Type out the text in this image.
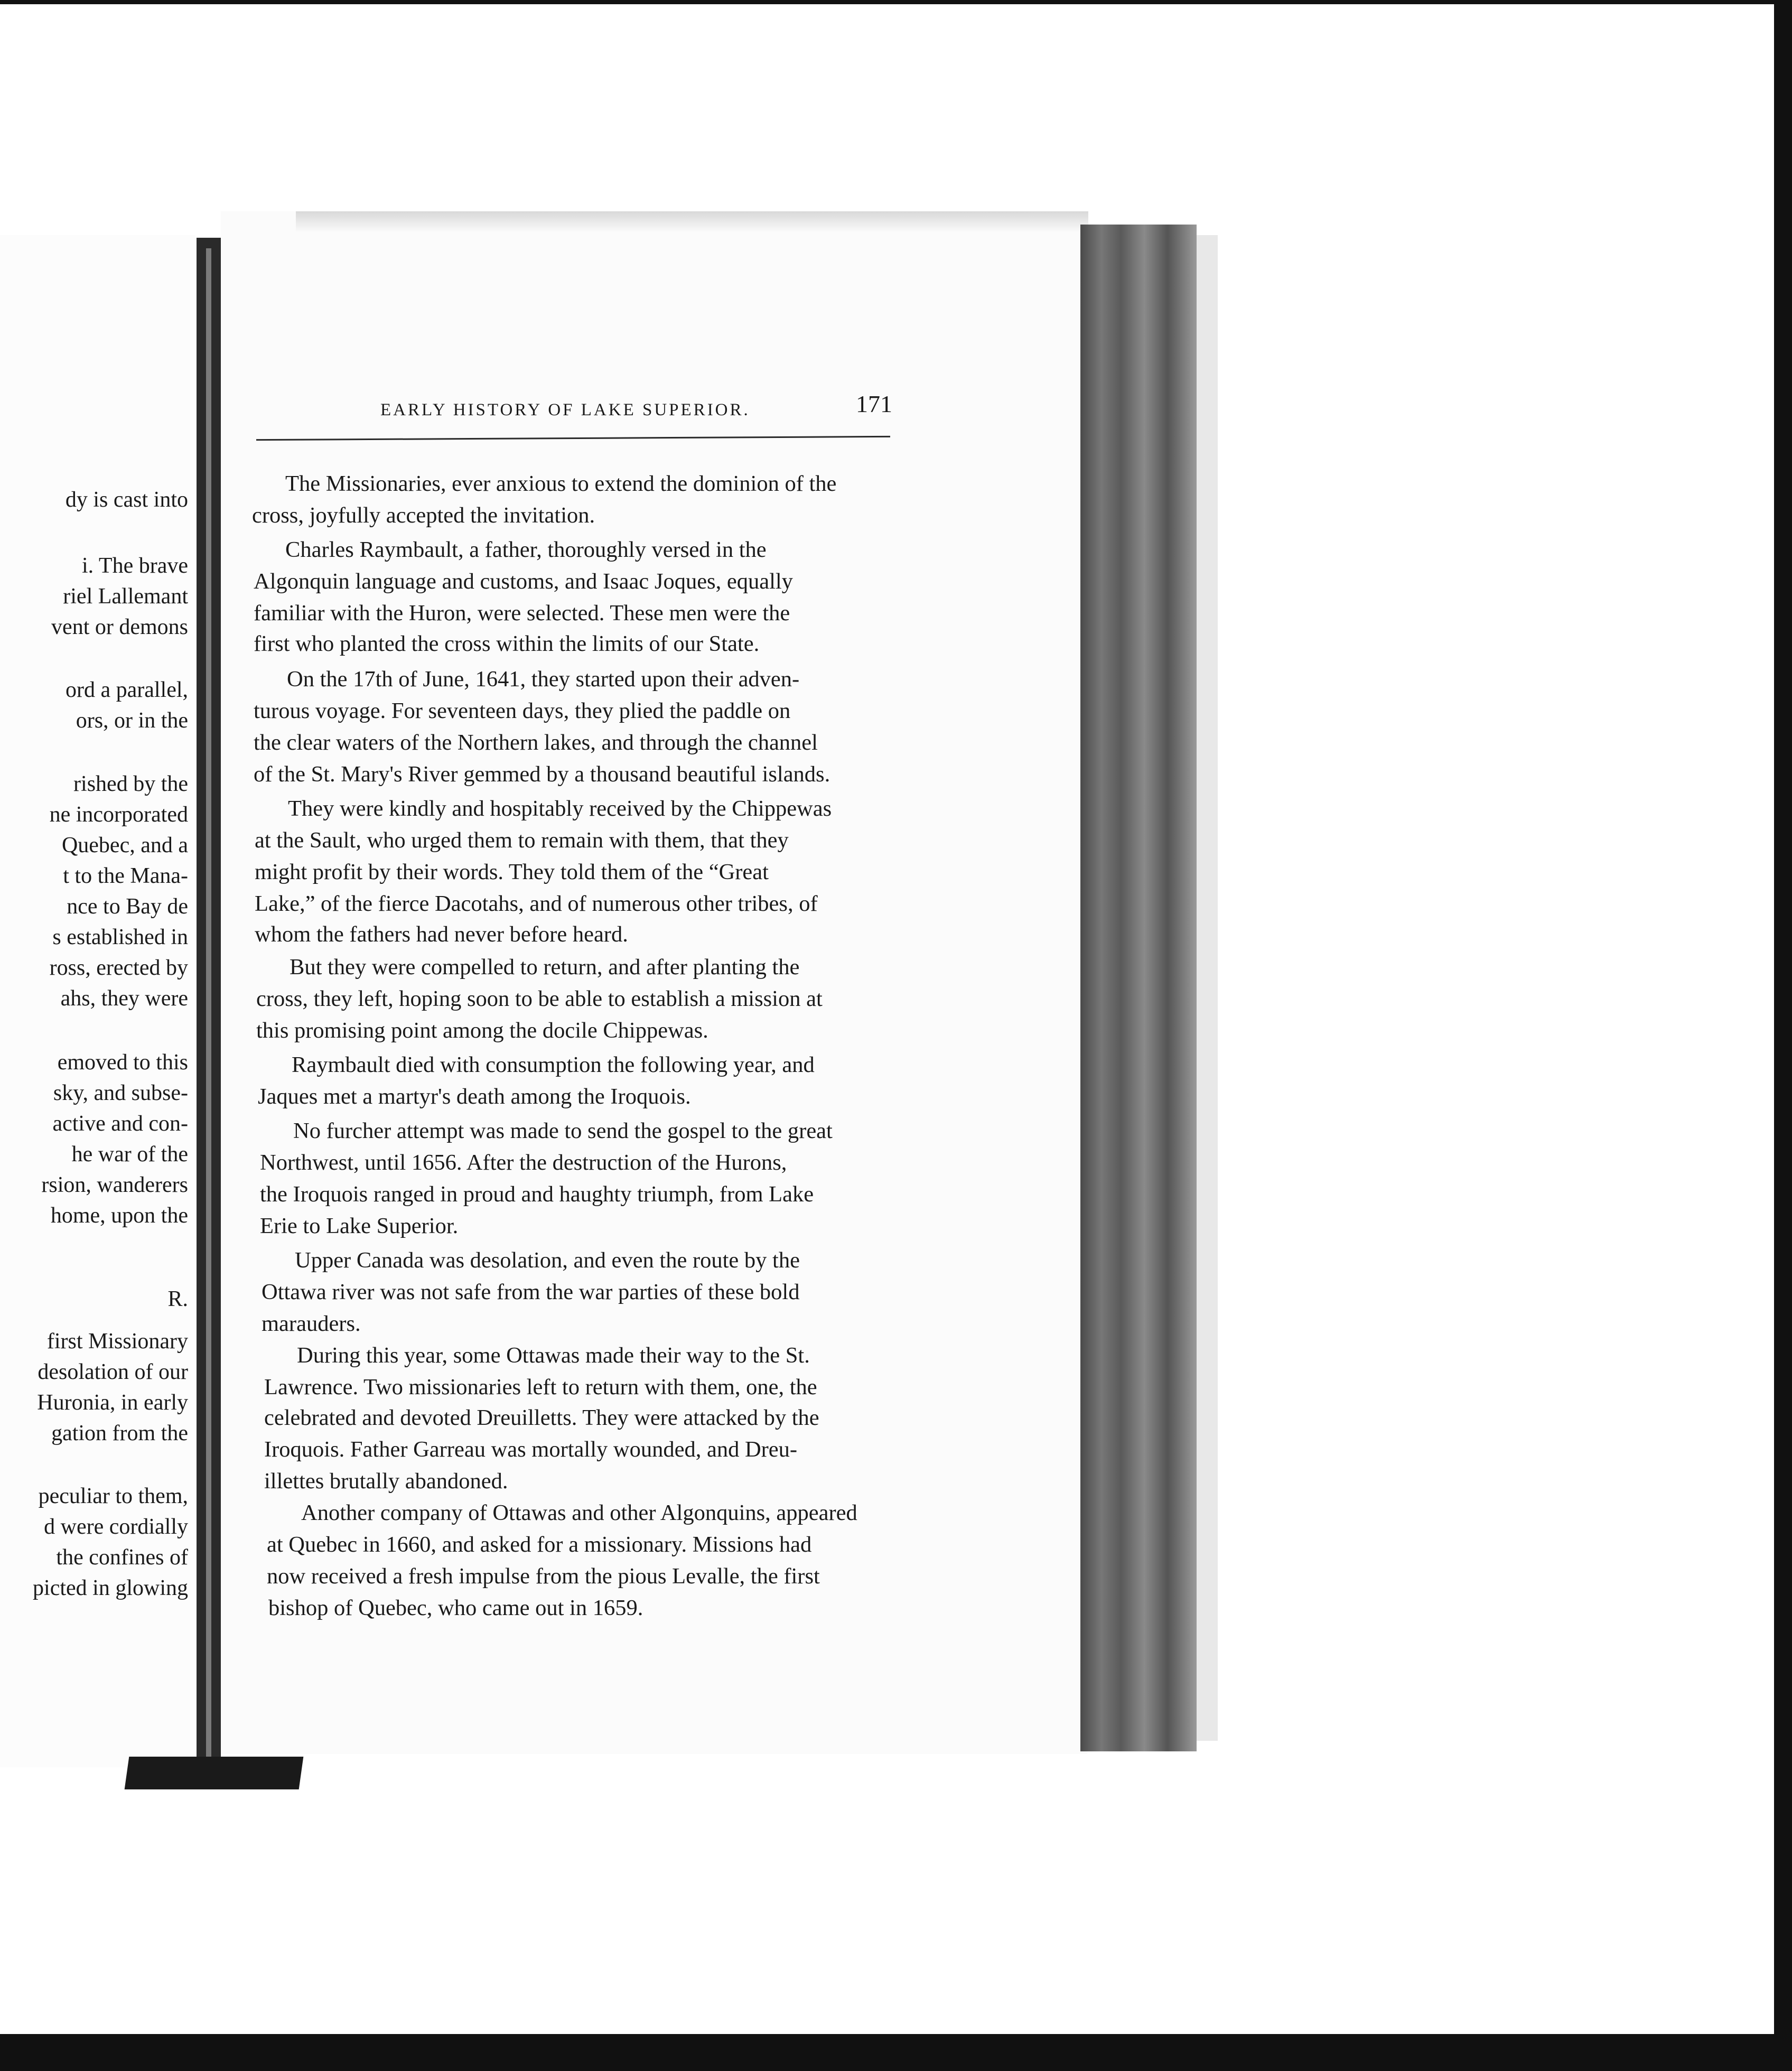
dy is cast into
i. The brave
riel Lallemant
vent or demons
ord a parallel,
ors, or in the
rished by the
ne incorporated
Quebec, and a
t to the Mana-
nce to Bay de
s established in
ross, erected by
ahs, they were
emoved to this
sky, and subse-
active and con-
he war of the
rsion, wanderers
home, upon the
R.
first Missionary
desolation of our
Huronia, in early
gation from the
peculiar to them,
d were cordially
the confines of
picted in glowing
EARLY HISTORY OF LAKE SUPERIOR.	171
The Missionaries, ever anxious to extend the dominion of the
cross, joyfully accepted the invitation.
Charles Raymbault, a father, thoroughly versed in the
Algonquin language and customs, and Isaac Joques, equally
familiar with the Huron, were selected. These men were the
first who planted the cross within the limits of our State.
On the 17th of June, 1641, they started upon their adven-
turous voyage. For seventeen days, they plied the paddle on
the clear waters of the Northern lakes, and through the channel
of the St. Mary's River gemmed by a thousand beautiful islands.
They were kindly and hospitably received by the Chippewas
at the Sault, who urged them to remain with them, that they
might profit by their words. They told them of the “Great
Lake,” of the fierce Dacotahs, and of numerous other tribes, of
whom the fathers had never before heard.
But they were compelled to return, and after planting the
cross, they left, hoping soon to be able to establish a mission at
this promising point among the docile Chippewas.
Raymbault died with consumption the following year, and
Jaques met a martyr's death among the Iroquois.
No furcher attempt was made to send the gospel to the great
Northwest, until 1656. After the destruction of the Hurons,
the Iroquois ranged in proud and haughty triumph, from Lake
Erie to Lake Superior.
Upper Canada was desolation, and even the route by the
Ottawa river was not safe from the war parties of these bold
marauders.
During this year, some Ottawas made their way to the St.
Lawrence. Two missionaries left to return with them, one, the
celebrated and devoted Dreuilletts. They were attacked by the
Iroquois. Father Garreau was mortally wounded, and Dreu-
illettes brutally abandoned.
Another company of Ottawas and other Algonquins, appeared
at Quebec in 1660, and asked for a missionary. Missions had
now received a fresh impulse from the pious Levalle, the first
bishop of Quebec, who came out in 1659.
